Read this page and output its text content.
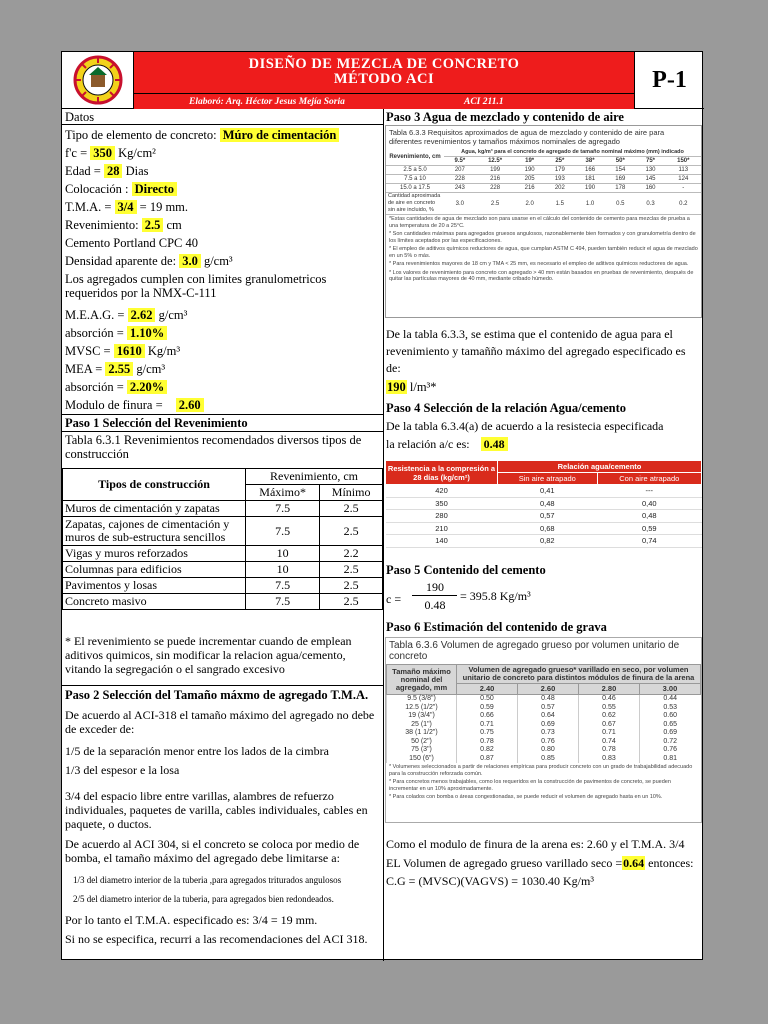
DISEÑO DE MEZCLA DE CONCRETO
MÉTODO ACI
Elaboró: Arq. Héctor Jesus Mejía Soria	ACI 211.1
P-1
Datos
Tipo de elemento de concreto: Múro de cimentación
f'c = 350 Kg/cm²
Edad = 28 Dias
Colocación : Directo
T.M.A. = 3/4 = 19 mm.
Revenimiento: 2.5 cm
Cemento Portland CPC 40
Densidad aparente de: 3.0 g/cm³
Los agregados cumplen con limites granulometricos requeridos por la NMX-C-111
M.E.A.G. = 2.62 g/cm³
absorción = 1.10%
MVSC = 1610 Kg/m³
MEA = 2.55 g/cm³
absorción = 2.20%
Modulo de finura = 2.60
Paso 1 Selección del Revenimiento
Tabla 6.3.1 Revenimientos recomendados diversos tipos de construcción
Tipos de construcción	Revenimiento, cm	
	Máximo*	Mínimo
Muros de cimentación y zapatas	7.5	2.5
Zapatas, cajones de cimentación y muros de sub-estructura sencillos	7.5	2.5
Vigas y muros reforzados	10	2.2
Columnas para edificios	10	2.5
Pavimentos y losas	7.5	2.5
Concreto masivo	7.5	2.5
* El revenimiento se puede incrementar cuando de emplean aditivos quimicos, sin modificar la relacion agua/cemento, vitando la segregación o el sangrado excesivo
Paso 2 Selección del Tamaño máxmo de agregado T.M.A.
De acuerdo al ACI-318 el tamaño máximo del agregado no debe de exceder de:
1/5 de la separación menor entre los lados de la cimbra
1/3 del espesor e la losa
3/4 del espacio libre entre varillas, alambres de refuerzo individuales, paquetes de varilla, cables individuales, cables en paquete, o ductos.
De acuerdo al ACI 304, si el concreto se coloca por medio de bomba, el tamaño máximo del agregado debe limitarse a:
1/3 del diametro interior de la tuberia ,para agregados triturados angulosos
2/5 del diametro interior de la tuberia, para agregados bien redondeados.
Por lo tanto el T.M.A. especificado es: 3/4 = 19 mm.
Si no se especifica, recurri a las recomendaciones del ACI 318.
Paso 3 Agua de mezclado y contenido de aire
Tabla 6.3.3 Requisitos aproximados de agua de mezclado y contenido de aire para diferentes revenimientos y tamaños máximos nominales de agregado
Revenimiento, cm	Agua, kg/m³ para el concreto de agregado de tamaño nominal máximo (mm) indicado							
	9.5*	12.5*	19*	25*	38*	50*	75*	150*
2.5 a 5.0	207	199	190	179	166	154	130	113
7.5 a 10	228	216	205	193	181	169	145	124
15.0 a 17.5	243	228	216	202	190	178	160	-
Cantidad aproximada de aire en concreto sin aire incluido, %	3.0	2.5	2.0	1.5	1.0	0.5	0.3	0.2
*Estas cantidades de agua de mezclado son para usarse en el cálculo del contenido de cemento para mezclas de prueba a una temperatura de 20 a 25°C.
* Son cantidades máximas para agregados gruesos angulosos, razonablemente bien formados y con granulometría dentro de los límites aceptados por las especificaciones.
* El empleo de aditivos químicos reductores de agua, que cumplan ASTM C 494, pueden también reducir el agua de mezclado en un 5% o más.
* Para revenimientos mayores de 18 cm y TMA < 25 mm, es necesario el empleo de aditivos químicos reductores de agua.
* Los valores de revenimiento para concreto con agregado > 40 mm están basados en pruebas de revenimiento, después de quitar las partículas mayores de 40 mm, mediante cribado húmedo.
De la tabla 6.3.3, se estima que el contenido de agua para el revenimiento y tamañño máximo del agregado especificado es de:
190 l/m³*
Paso 4 Selección de la relación Agua/cemento
De la tabla 6.3.4(a) de acuerdo a la resistecia especificada
la relación a/c es: 0.48
Resistencia a la compresión a 28 días (kg/cm²)	Relación agua/cemento	
	Sin aire atrapado	Con aire atrapado
420	0,41	---
350	0,48	0,40
280	0,57	0,48
210	0,68	0,59
140	0,82	0,74
Paso 5 Contenido del cemento
c =
190
0.48
= 395.8 Kg/m³
Paso 6 Estimación del contenido de grava
Tabla 6.3.6 Volumen de agregado grueso por volumen unitario de concreto
Tamaño máximo nominal del agregado, mm	Volumen de agregado grueso* varillado en seco, por volumen unitario de concreto para distintos módulos de finura de la arena			
	2.40	2.60	2.80	3.00
9.5 (3/8")	0.50	0.48	0.46	0.44
12.5 (1/2")	0.59	0.57	0.55	0.53
19 (3/4")	0.66	0.64	0.62	0.60
25 (1")	0.71	0.69	0.67	0.65
38 (1 1/2")	0.75	0.73	0.71	0.69
50 (2")	0.78	0.76	0.74	0.72
75 (3")	0.82	0.80	0.78	0.76
150 (6")	0.87	0.85	0.83	0.81
* Volumenes seleccionados a partir de relaciones empíricas para producir concreto con un grado de trabajabilidad adecuado para la construcción reforzada común.
* Para concretos menos trabajables, como los requeridos en la construcción de pavimentos de concreto, se pueden incrementar en un 10% aproximadamente.
* Para colados con bomba o áreas congestionadas, se puede reducir el volumen de agregado hasta en un 10%.
Como el modulo de finura de la arena es: 2.60 y el T.M.A. 3/4
EL Volumen de agregado grueso varillado seco =0.64 entonces:
C.G = (MVSC)(VAGVS) = 1030.40 Kg/m³
